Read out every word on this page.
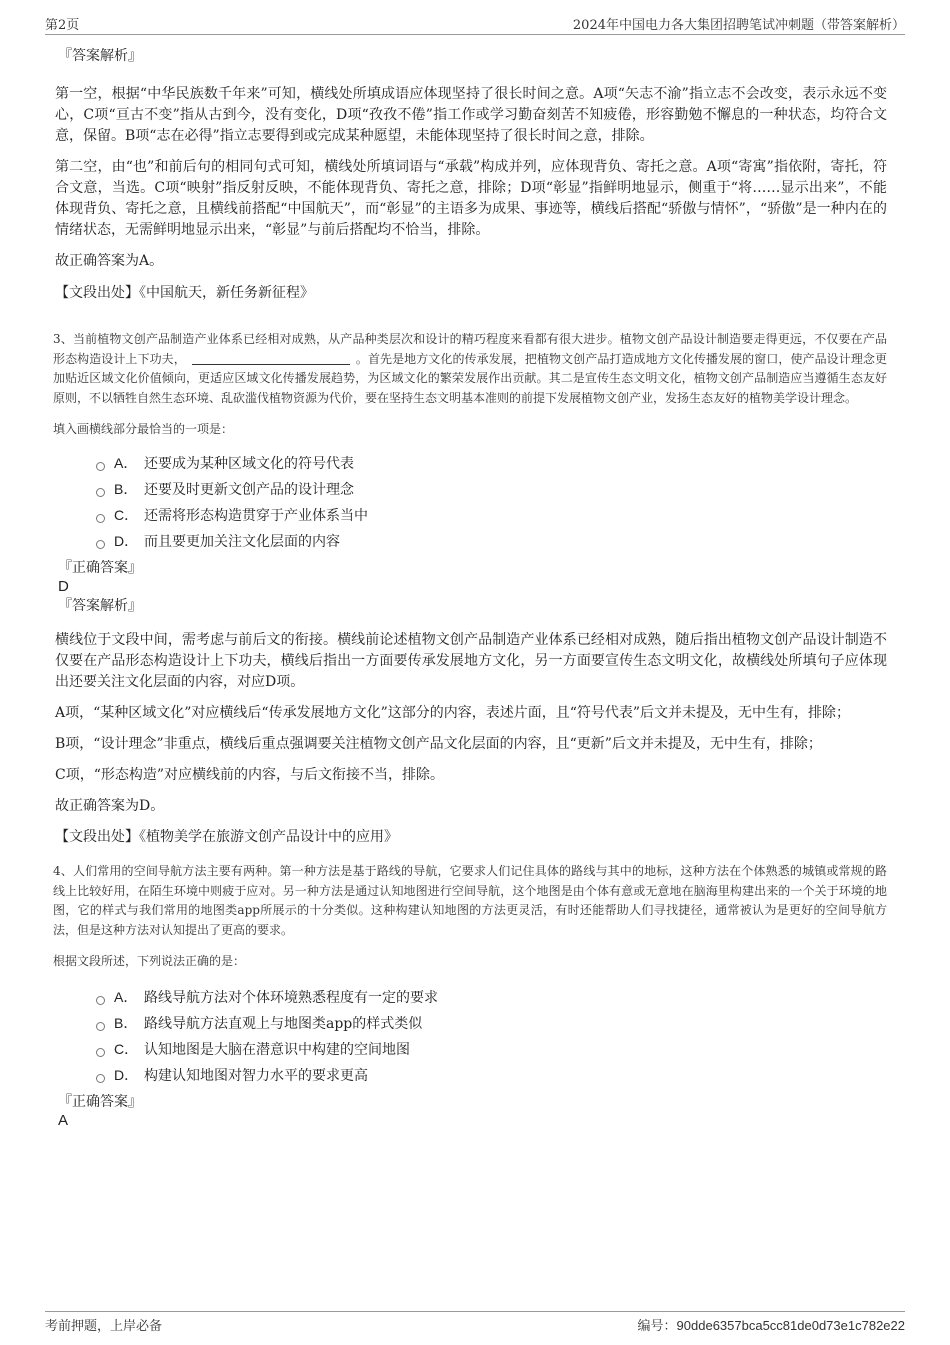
第2页	2024年中国电力各大集团招聘笔试冲刺题（带答案解析）
『答案解析』

第一空，根据“中华民族数千年来”可知，横线处所填成语应体现坚持了很长时间之意。A项“矢志不渝”指立志不会改变，表示永远不变心，C项“亘古不变”指从古到今，没有变化，D项“孜孜不倦”指工作或学习勤奋刻苦不知疲倦，形容勤勉不懈息的一种状态，均符合文意，保留。B项“志在必得”指立志要得到或完成某种愿望，未能体现坚持了很长时间之意，排除。

第二空，由“也”和前后句的相同句式可知，横线处所填词语与“承载”构成并列，应体现背负、寄托之意。A项“寄寓”指依附，寄托，符合文意，当选。C项“映射”指反射反映，不能体现背负、寄托之意，排除；D项“彰显”指鲜明地显示，侧重于“将……显示出来”，不能体现背负、寄托之意，且横线前搭配“中国航天”，而“彰显”的主语多为成果、事迹等，横线后搭配“骄傲与情怀”，“骄傲”是一种内在的情绪状态，无需鲜明地显示出来，“彰显”与前后搭配均不恰当，排除。

故正确答案为A。

【文段出处】《中国航天，新任务新征程》

3、当前植物文创产品制造产业体系已经相对成熟，从产品种类层次和设计的精巧程度来看都有很大进步。植物文创产品设计制造要走得更远，不仅要在产品形态构造设计上下功夫，	。首先是地方文化的传承发展，把植物文创产品打造成地方文化传播发展的窗口，使产品设计理念更加贴近区域文化价值倾向，更适应区域文化传播发展趋势，为区域文化的繁荣发展作出贡献。其二是宣传生态文明文化，植物文创产品制造应当遵循生态友好原则，不以牺牲自然生态环境、乱砍滥伐植物资源为代价，要在坚持生态文明基本准则的前提下发展植物文创产业，发扬生态友好的植物美学设计理念。

填入画横线部分最恰当的一项是：

A． 还要成为某种区域文化的符号代表
B． 还要及时更新文创产品的设计理念
C． 还需将形态构造贯穿于产业体系当中
D． 而且要更加关注文化层面的内容
『正确答案』
D
『答案解析』

横线位于文段中间，需考虑与前后文的衔接。横线前论述植物文创产品制造产业体系已经相对成熟，随后指出植物文创产品设计制造不仅要在产品形态构造设计上下功夫，横线后指出一方面要传承发展地方文化，另一方面要宣传生态文明文化，故横线处所填句子应体现出还要关注文化层面的内容，对应D项。

A项，“某种区域文化”对应横线后“传承发展地方文化”这部分的内容，表述片面，且“符号代表”后文并未提及，无中生有，排除；

B项，“设计理念”非重点，横线后重点强调要关注植物文创产品文化层面的内容，且“更新”后文并未提及，无中生有，排除；

C项，“形态构造”对应横线前的内容，与后文衔接不当，排除。

故正确答案为D。

【文段出处】《植物美学在旅游文创产品设计中的应用》

4、人们常用的空间导航方法主要有两种。第一种方法是基于路线的导航，它要求人们记住具体的路线与其中的地标，这种方法在个体熟悉的城镇或常规的路线上比较好用，在陌生环境中则疲于应对。另一种方法是通过认知地图进行空间导航，这个地图是由个体有意或无意地在脑海里构建出来的一个关于环境的地图，它的样式与我们常用的地图类app所展示的十分类似。这种构建认知地图的方法更灵活，有时还能帮助人们寻找捷径，通常被认为是更好的空间导航方法，但是这种方法对认知提出了更高的要求。

根据文段所述，下列说法正确的是：

A． 路线导航方法对个体环境熟悉程度有一定的要求
B． 路线导航方法直观上与地图类app的样式类似
C． 认知地图是大脑在潜意识中构建的空间地图
D． 构建认知地图对智力水平的要求更高
『正确答案』
A
考前押题，上岸必备	编号：90dde6357bca5cc81de0d73e1c782e22
